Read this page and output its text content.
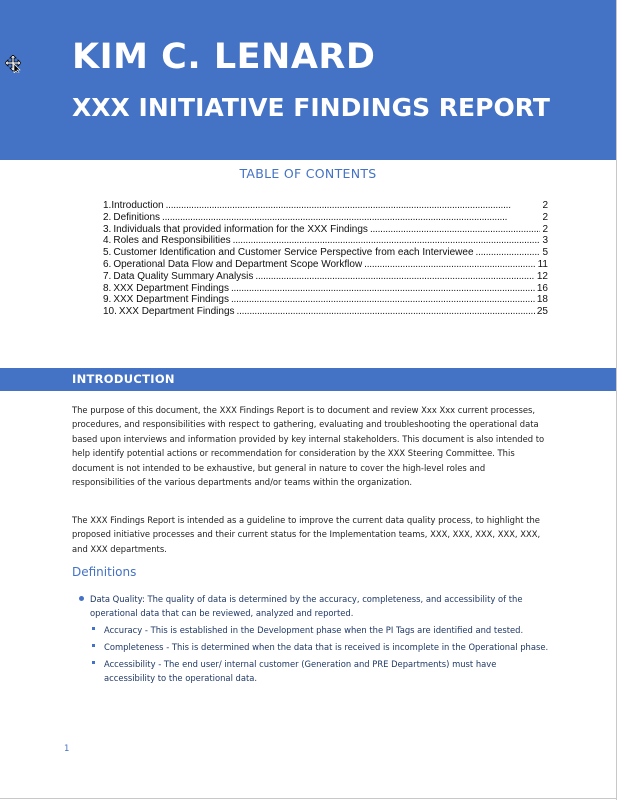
KIM C. LENARD
XXX INITIATIVE FINDINGS REPORT
TABLE OF CONTENTS
1. Introduction . . .	2
2. Definitions . . .	2
3. Individuals that provided information for the XXX Findings . . .	2
4. Roles and Responsibilities . . .	3
5. Customer Identification and Customer Service Perspective from each Interviewee . . .	5
6. Operational Data Flow and Department Scope Workflow . . .	11
7. Data Quality Summary Analysis . . .	12
8. XXX Department Findings . . .	16
9. XXX Department Findings . . .	18
10. XXX Department Findings . . .	25
INTRODUCTION

The purpose of this document, the XXX Findings Report is to document and review Xxx Xxx current processes, procedures, and responsibilities with respect to gathering, evaluating and troubleshooting the operational data based upon interviews and information provided by key internal stakeholders. This document is also intended to help identify potential actions or recommendation for consideration by the XXX Steering Committee. This document is not intended to be exhaustive, but general in nature to cover the high-level roles and responsibilities of the various departments and/or teams within the organization.

The XXX Findings Report is intended as a guideline to improve the current data quality process, to highlight the proposed initiative processes and their current status for the Implementation teams, XXX, XXX, XXX, XXX, XXX, and XXX departments.

Definitions
Data Quality: The quality of data is determined by the accuracy, completeness, and accessibility of the operational data that can be reviewed, analyzed and reported.
Accuracy - This is established in the Development phase when the PI Tags are identified and tested.
Completeness - This is determined when the data that is received is incomplete in the Operational phase.
Accessibility - The end user/ internal customer (Generation and PRE Departments) must have accessibility to the operational data.
1
